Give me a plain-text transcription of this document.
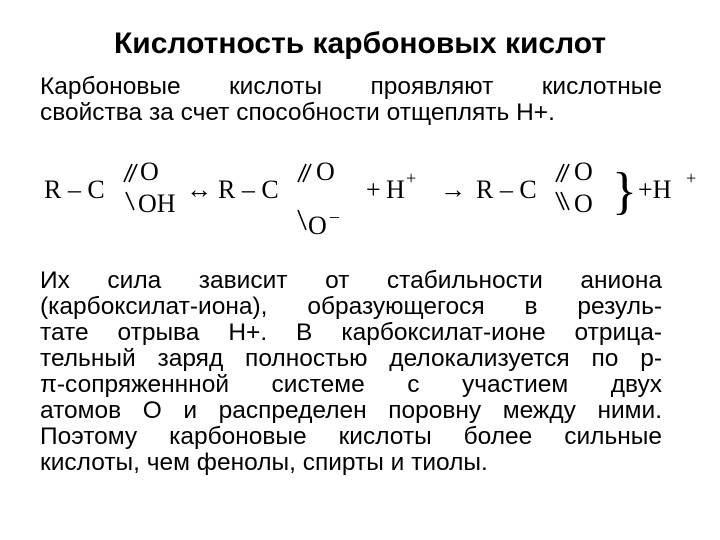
Кислотность карбоновых кислот

Карбоновые кислоты проявляют кислотные
свойства за счет способности отщеплять Н+.

R – C
O
OH ↔ R – C
O
O –
+ H + → R – C
O
O } +H +

Их сила зависит от стабильности аниона
(карбоксилат-иона), образующегося в резуль-
тате отрыва Н+. В карбоксилат-ионе отрица-
тельный заряд полностью делокализуется по p-
π-сопряженнной системе с участием двух
атомов О и распределен поровну между ними.
Поэтому карбоновые кислоты более сильные
кислоты, чем фенолы, спирты и тиолы.
